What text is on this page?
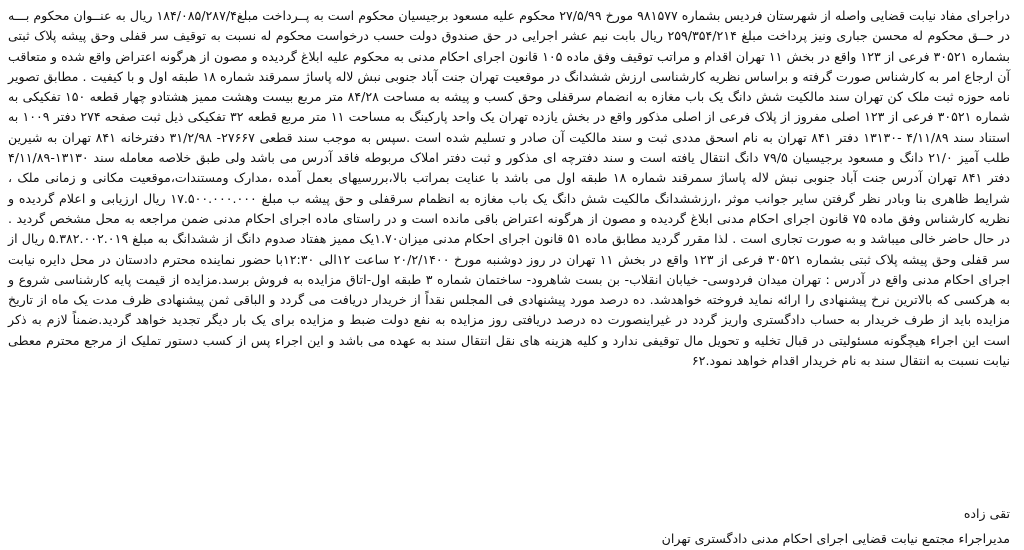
دراجرای مفاد نیابت قضایی واصله از شهرستان فردیس بشماره ۹۸۱۵۷۷ مورخ ۲۷/۵/۹۹ محکوم علیه مسعود برجیسیان محکوم است به پــرداخت مبلغ۱۸۴/۰۸۵/۲۸۷/۴ ریال به عنــوان محکوم بـــه در حــق محکوم له محسن جباری ونیز پرداخت مبلغ ۲۵۹/۳۵۴/۲۱۴ ریال بابت نیم عشر اجرایی در حق صندوق دولت حسب درخواست محکوم له نسبت به توقیف سر قفلی وحق پیشه پلاک ثبتی بشماره ۳۰۵۲۱ فرعی از ۱۲۳ واقع در بخش ۱۱ تهران اقدام و مراتب توقیف وفق ماده ۱۰۵ قانون اجرای احکام مدنی به محکوم علیه ابلاغ گردیده و مصون از هرگونه اعتراض واقع شده و متعاقب آن ارجاع امر به کارشناس صورت گرفته و براساس نظریه کارشناسی ارزش ششدانگ در موقعیت تهران جنت آباد جنوبی نبش لاله پاساژ سمرقند شماره ۱۸ طبقه اول و با کیفیت . مطابق تصویر نامه حوزه ثبت ملک کن تهران سند مالکیت شش دانگ یک باب مغازه به انضمام سرقفلی وحق کسب و پیشه به مساحت ۸۴/۲۸ متر مربع بیست وهشت ممیز هشتادو چهار قطعه ۱۵۰ تفکیکی به شماره ۳۰۵۲۱ فرعی از ۱۲۳ اصلی مفروز از پلاک فرعی از اصلی مذکور واقع در بخش یازده تهران یک واحد پارکینگ به مساحت ۱۱ متر مربع قطعه ۳۲ تفکیکی ذیل ثبت صفحه ۲۷۴ دفتر ۱۰۰۹ به استناد سند ۴/۱۱/۸۹ -۱۳۱۳۰ دفتر ۸۴۱ تهران به نام اسحق مددی ثبت و سند مالکیت آن صادر و تسلیم شده است .سپس به موجب سند قطعی ۲۷۶۶۷- ۳۱/۲/۹۸ دفترخانه ۸۴۱ تهران به شیرین طلب آمیز ۲۱/۰ دانگ و مسعود برجیسیان ۷۹/۵ دانگ انتقال یافته است و سند دفترچه ای مذکور و ثبت دفتر املاک مربوطه فاقد آدرس می باشد ولی طبق خلاصه معامله سند ۱۳۱۳۰-۴/۱۱/۸۹ دفتر ۸۴۱ تهران آدرس جنت آباد جنوبی نبش لاله پاساژ سمرقند شماره ۱۸ طبقه اول می باشد با عنایت بمراتب بالا،بررسیهای بعمل آمده ،مدارک ومستندات،موقعیت مکانی و زمانی ملک ، شرایط ظاهری بنا وبادر نظر گرفتن سایر جوانب موثر ،ارزششدانگ مالکیت شش دانگ یک باب مغازه به انظمام سرقفلی و حق پیشه ب مبلغ ۱۷.۵۰۰.۰۰۰.۰۰۰ ریال ارزیابی و اعلام گردیده و نظریه کارشناس وفق ماده ۷۵ قانون اجرای احکام مدنی ابلاغ گردیده و مصون از هرگونه اعتراض باقی مانده است و در راستای ماده اجرای احکام مدنی ضمن مراجعه به محل مشخص گردید . در حال حاضر خالی میباشد و به صورت تجاری است . لذا مقرر گردید مطابق ماده ۵۱ قانون اجرای احکام مدنی میزان۱.۷۰یک ممیز هفتاد صدوم دانگ از ششدانگ به مبلغ ۵.۳۸۲.۰۰۲.۰۱۹ ریال از سر قفلی وحق پیشه پلاک ثبتی بشماره ۳۰۵۲۱ فرعی از ۱۲۳ واقع در بخش ۱۱ تهران در روز دوشنبه مورخ ۲۰/۲/۱۴۰۰ ساعت ۱۲الی ۱۲:۳۰با حضور نماینده محترم دادستان در محل دایره نیابت اجرای احکام مدنی واقع در آدرس : تهران میدان فردوسی- خیابان انقلاب- بن بست شاهرود- ساختمان شماره ۳ طبقه اول-اتاق مزایده به فروش برسد.مزایده از قیمت پایه کارشناسی شروع و به هرکسی که بالاترین نرخ پیشنهادی را ارائه نماید فروخته خواهدشد. ده درصد مورد پیشنهادی فی المجلس نقداً از خریدار دریافت می گردد و الباقی ثمن پیشنهادی ظرف مدت یک ماه از تاریخ مزایده باید از طرف خریدار به حساب دادگستری واریز گردد در غیراینصورت ده درصد دریافتی روز مزایده به نفع دولت ضبط و مزایده برای یک بار دیگر تجدید خواهد گردید.ضمناً لازم به ذکر است این اجراء هیچگونه مسئولیتی در قبال تخلیه و تحویل مال توقیفی ندارد و کلیه هزینه های نقل انتقال سند به عهده می باشد و این اجراء پس از کسب دستور تملیک از مرجع محترم معطی نیابت نسبت به انتقال سند به نام خریدار اقدام خواهد نمود.۶۲

تقی زاده

مدیراجراء مجتمع نیابت قضایی اجرای احکام مدنی دادگستری تهران
